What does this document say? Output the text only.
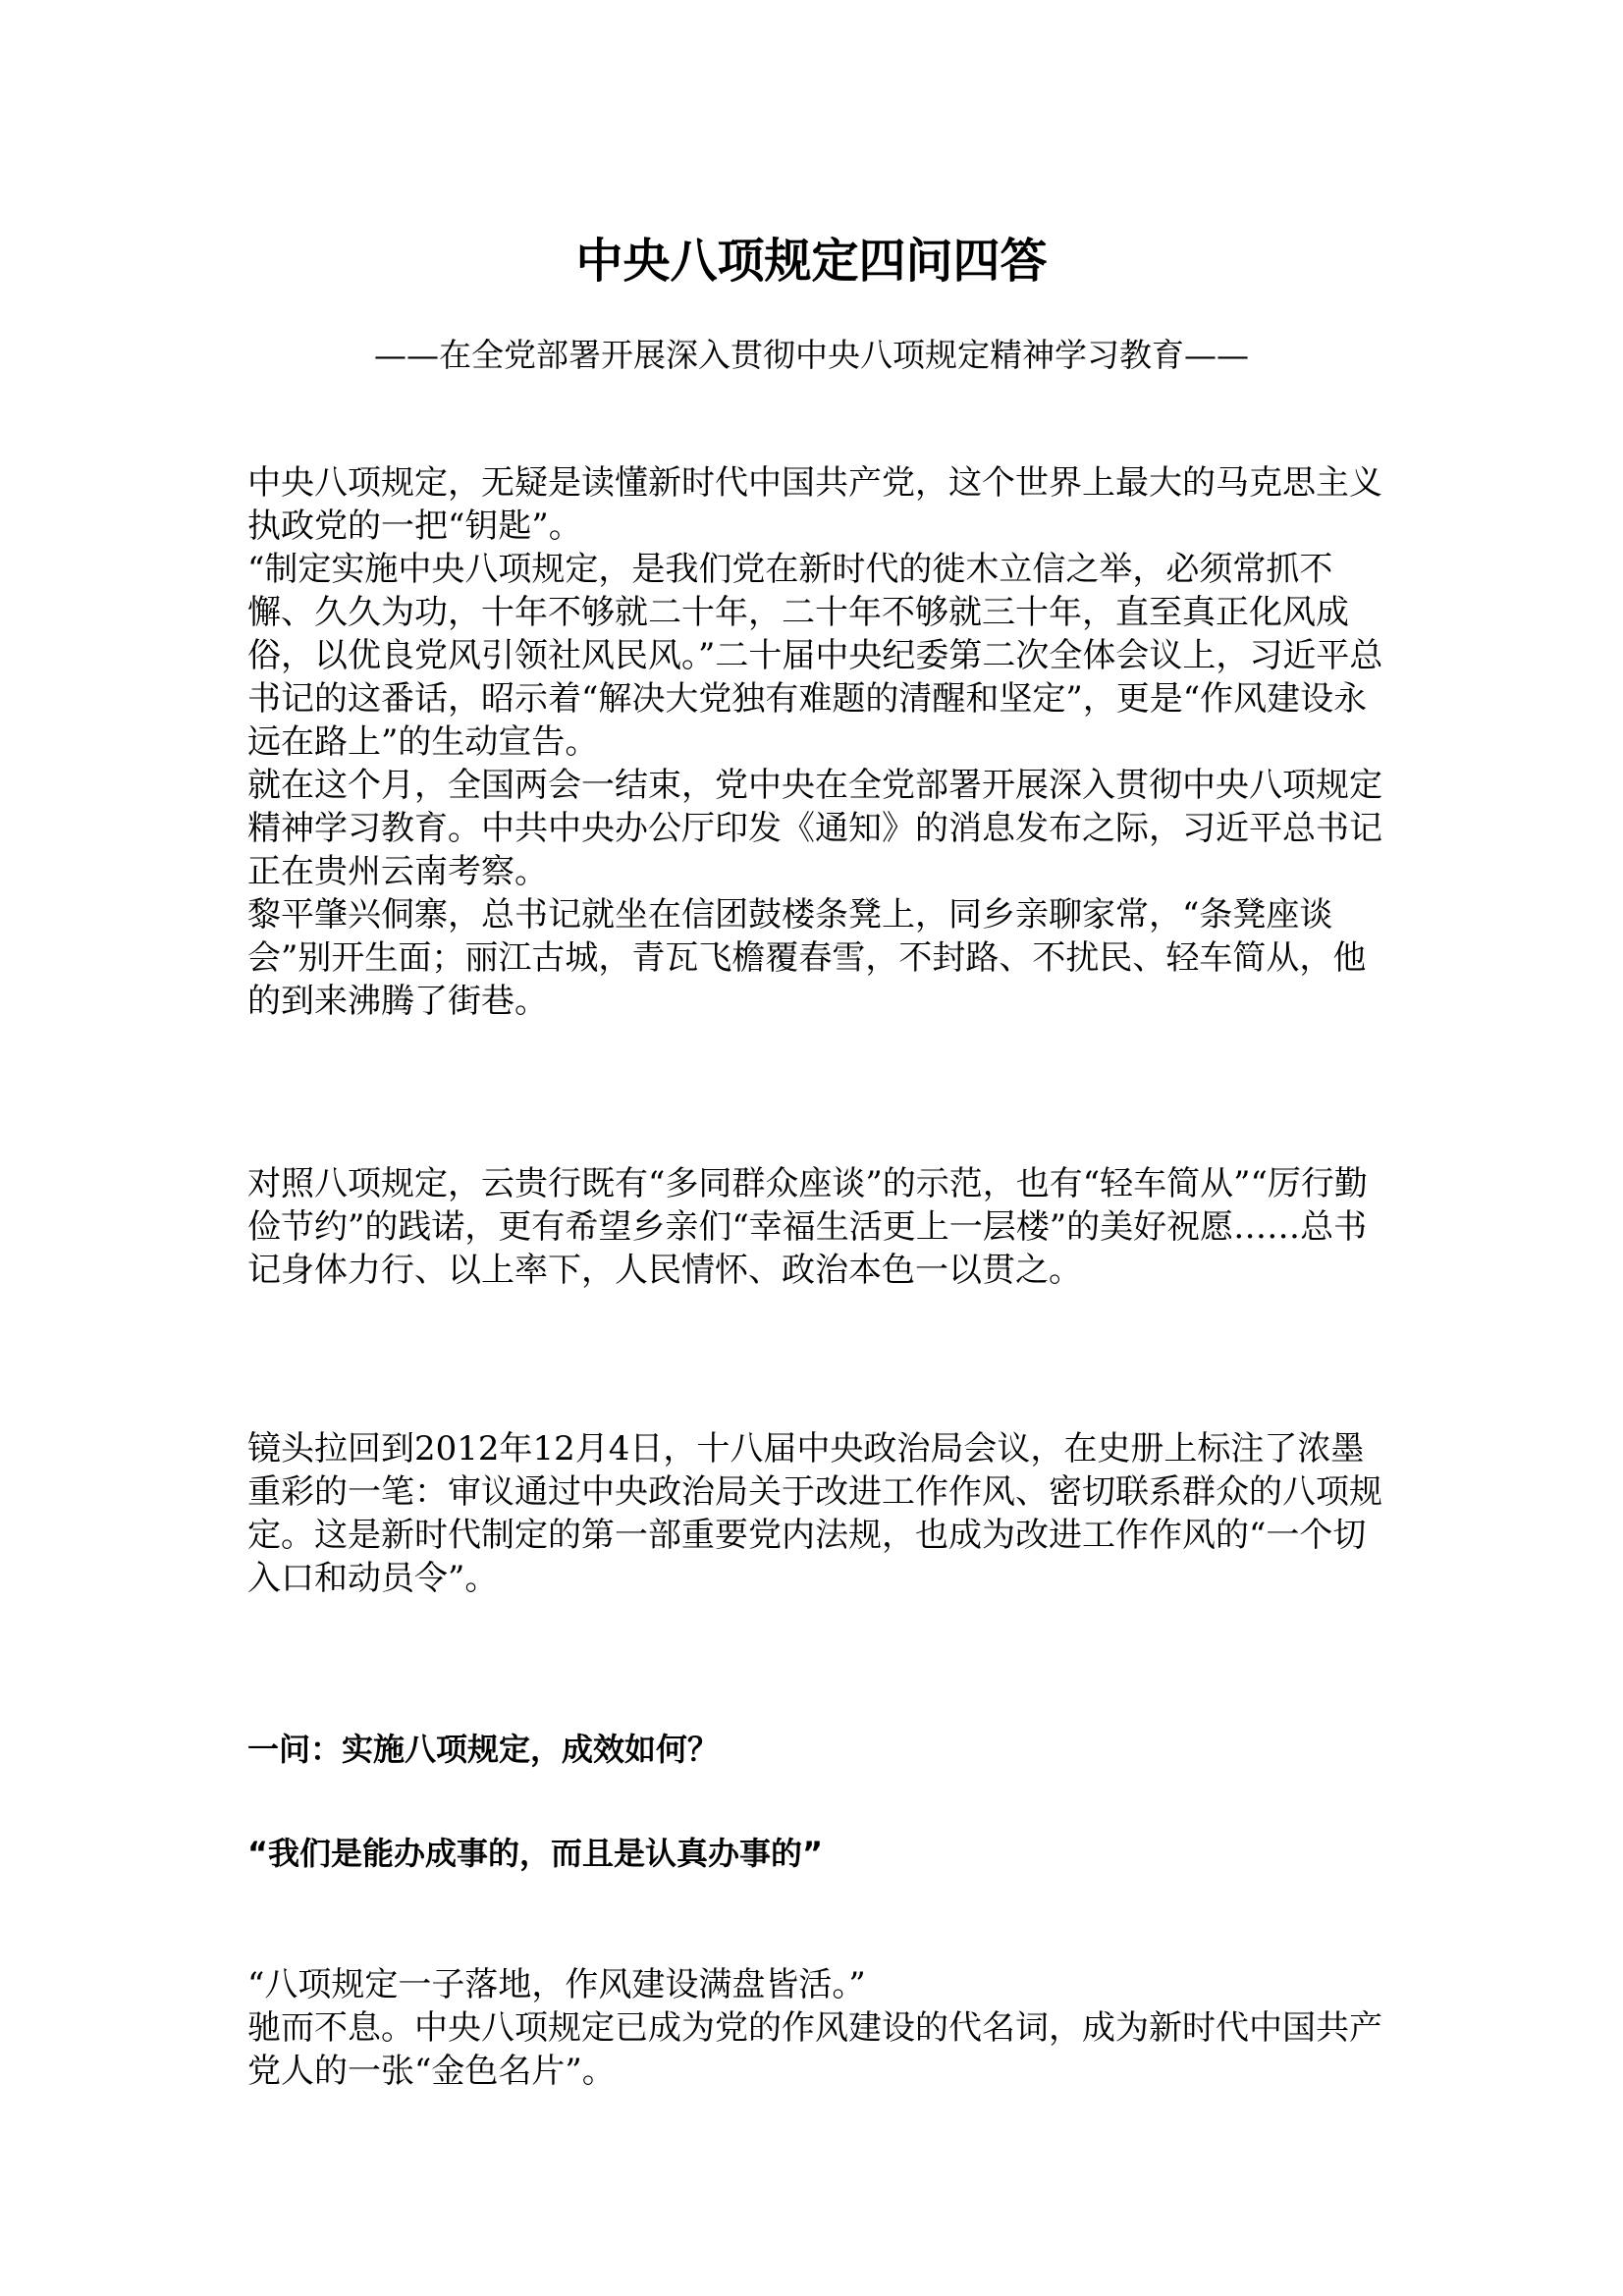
中央八项规定四问四答
——在全党部署开展深入贯彻中央八项规定精神学习教育——

中央八项规定，无疑是读懂新时代中国共产党，这个世界上最大的马克思主义执政党的一把“钥匙”。

“制定实施中央八项规定，是我们党在新时代的徙木立信之举，必须常抓不懈、久久为功，十年不够就二十年，二十年不够就三十年，直至真正化风成俗，以优良党风引领社风民风。”二十届中央纪委第二次全体会议上，习近平总书记的这番话，昭示着“解决大党独有难题的清醒和坚定”，更是“作风建设永远在路上”的生动宣告。

就在这个月，全国两会一结束，党中央在全党部署开展深入贯彻中央八项规定精神学习教育。中共中央办公厅印发《通知》的消息发布之际，习近平总书记正在贵州云南考察。

黎平肇兴侗寨，总书记就坐在信团鼓楼条凳上，同乡亲聊家常，“条凳座谈会”别开生面；丽江古城，青瓦飞檐覆春雪，不封路、不扰民、轻车简从，他的到来沸腾了街巷。

对照八项规定，云贵行既有“多同群众座谈”的示范，也有“轻车简从”“厉行勤俭节约”的践诺，更有希望乡亲们“幸福生活更上一层楼”的美好祝愿……总书记身体力行、以上率下，人民情怀、政治本色一以贯之。

镜头拉回到2012年12月4日，十八届中央政治局会议，在史册上标注了浓墨重彩的一笔：审议通过中央政治局关于改进工作作风、密切联系群众的八项规定。这是新时代制定的第一部重要党内法规，也成为改进工作作风的“一个切入口和动员令”。

一问：实施八项规定，成效如何？
“我们是能办成事的，而且是认真办事的”

“八项规定一子落地，作风建设满盘皆活。”

驰而不息。中央八项规定已成为党的作风建设的代名词，成为新时代中国共产党人的一张“金色名片”。
